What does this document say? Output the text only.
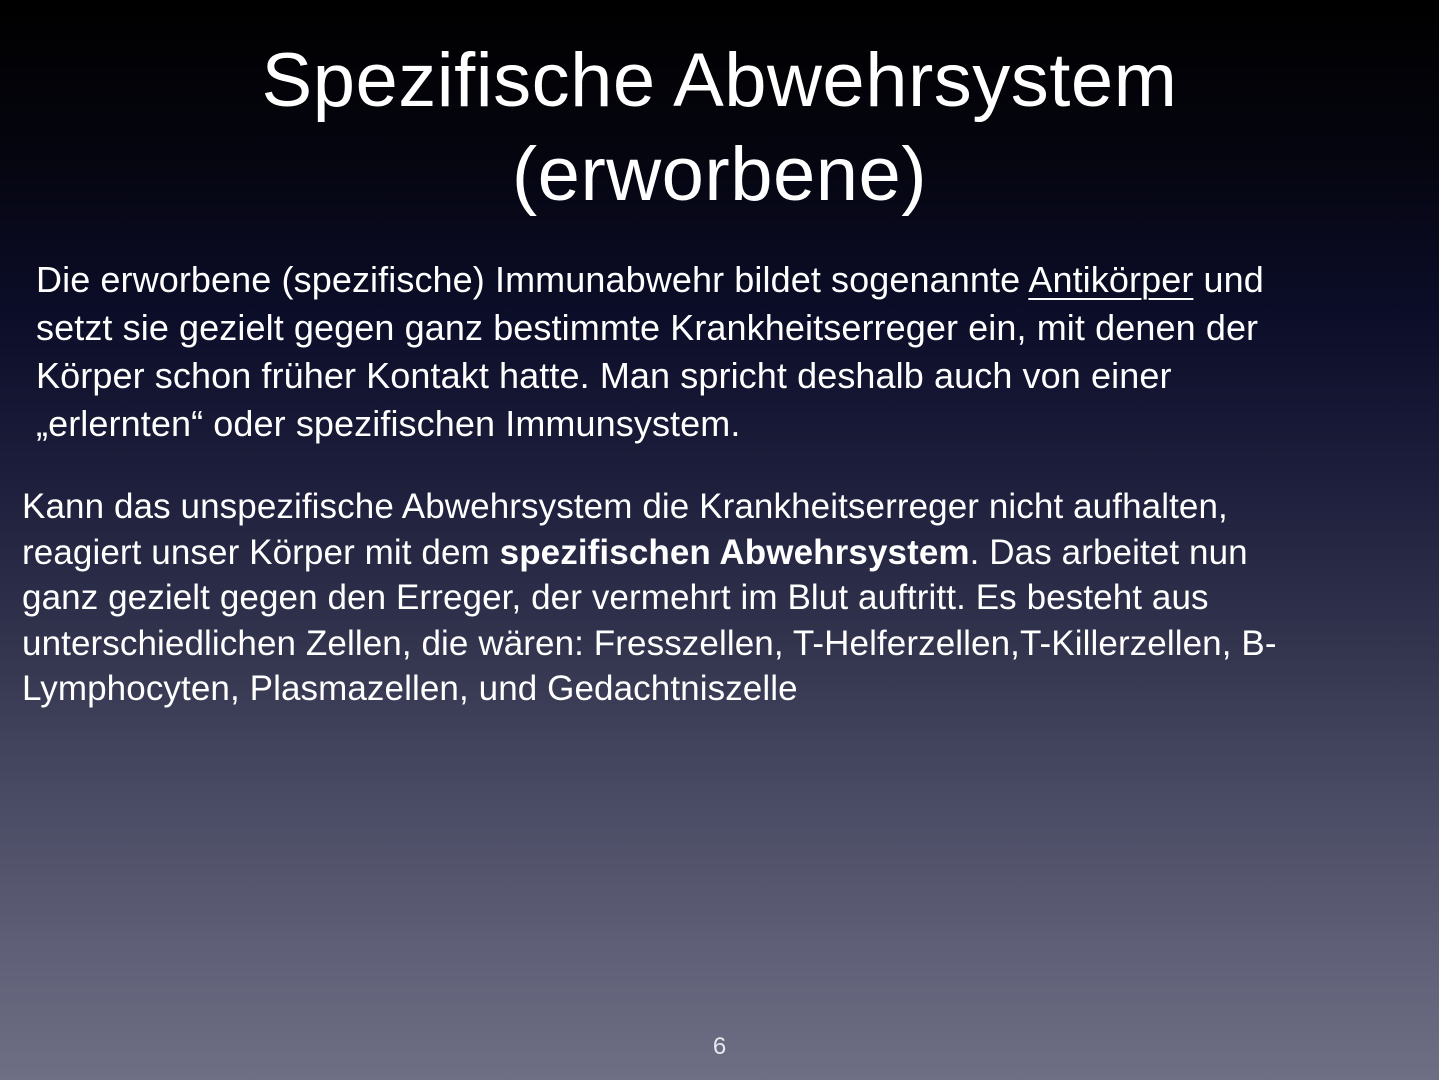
Spezifische Abwehrsystem
(erworbene)

Die erworbene (spezifische) Immunabwehr bildet sogenannte Antikörper und
setzt sie gezielt gegen ganz bestimmte Krankheitserreger ein, mit denen der
Körper schon früher Kontakt hatte. Man spricht deshalb auch von einer
„erlernten“ oder spezifischen Immunsystem.

Kann das unspezifische Abwehrsystem die Krankheitserreger nicht aufhalten,
reagiert unser Körper mit dem spezifischen Abwehrsystem. Das arbeitet nun
ganz gezielt gegen den Erreger, der vermehrt im Blut auftritt. Es besteht aus
unterschiedlichen Zellen, die wären: Fresszellen, T-Helferzellen,T-Killerzellen, B-
Lymphocyten, Plasmazellen, und Gedachtniszelle

6
